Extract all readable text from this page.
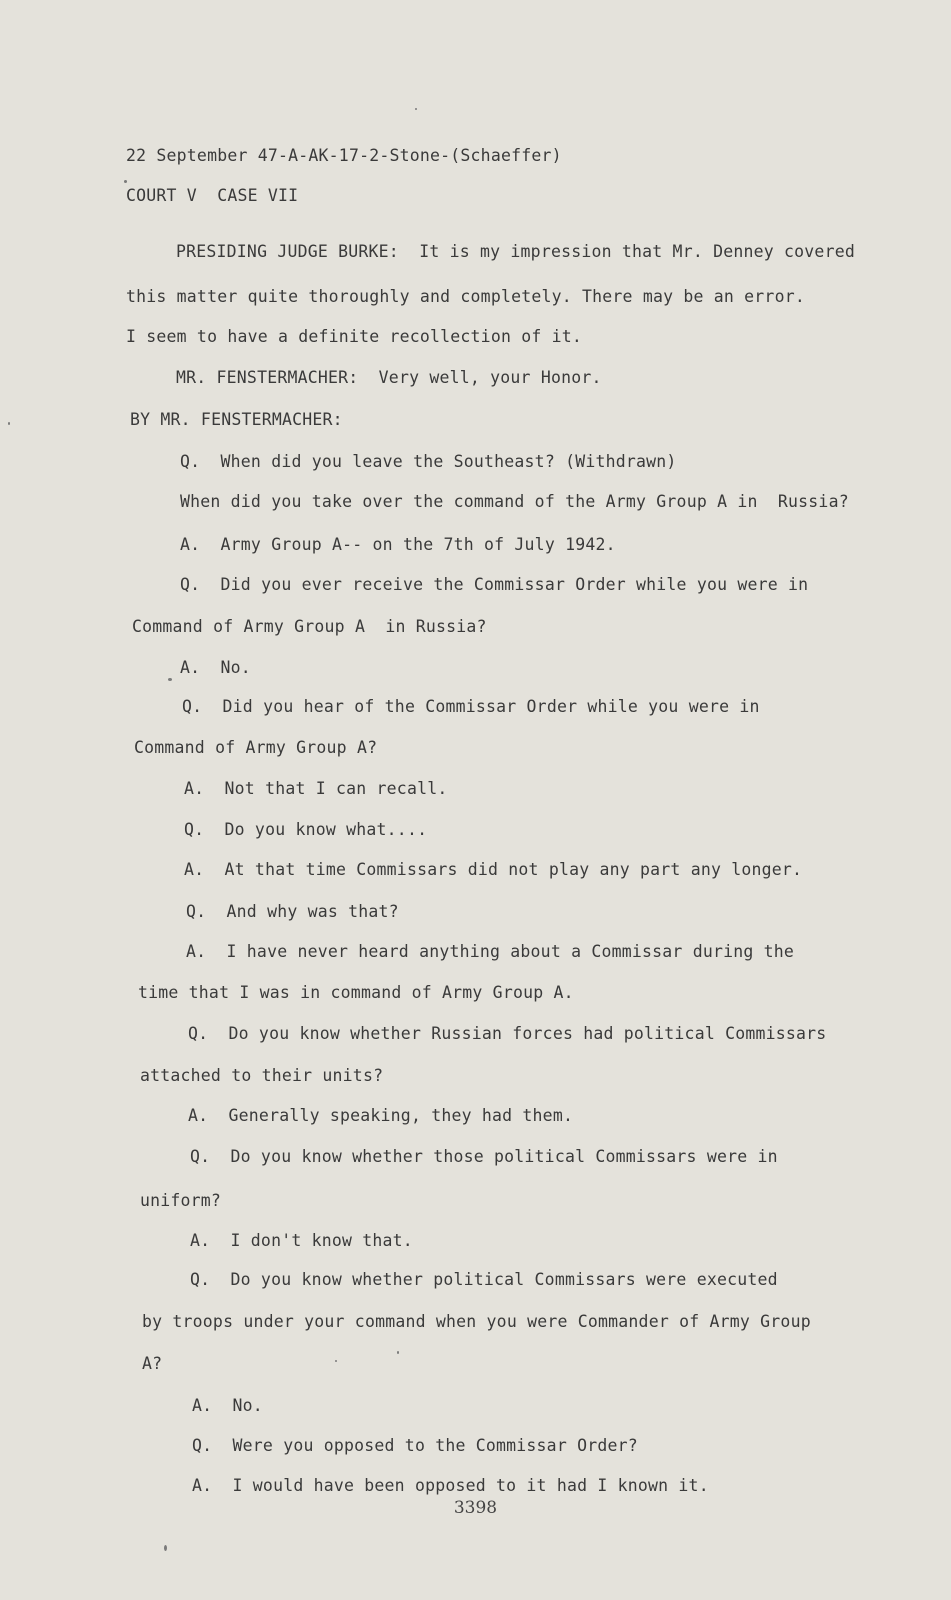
22 September 47-A-AK-17-2-Stone-(Schaeffer)
COURT V  CASE VII
PRESIDING JUDGE BURKE:  It is my impression that Mr. Denney covered
this matter quite thoroughly and completely. There may be an error.
I seem to have a definite recollection of it.
MR. FENSTERMACHER:  Very well, your Honor.
BY MR. FENSTERMACHER:
Q.  When did you leave the Southeast? (Withdrawn)
When did you take over the command of the Army Group A in  Russia?
A.  Army Group A-- on the 7th of July 1942.
Q.  Did you ever receive the Commissar Order while you were in
Command of Army Group A  in Russia?
A.  No.
Q.  Did you hear of the Commissar Order while you were in
Command of Army Group A?
A.  Not that I can recall.
Q.  Do you know what....
A.  At that time Commissars did not play any part any longer.
Q.  And why was that?
A.  I have never heard anything about a Commissar during the
time that I was in command of Army Group A.
Q.  Do you know whether Russian forces had political Commissars
attached to their units?
A.  Generally speaking, they had them.
Q.  Do you know whether those political Commissars were in
uniform?
A.  I don't know that.
Q.  Do you know whether political Commissars were executed
by troops under your command when you were Commander of Army Group
A?
A.  No.
Q.  Were you opposed to the Commissar Order?
A.  I would have been opposed to it had I known it.
3398
